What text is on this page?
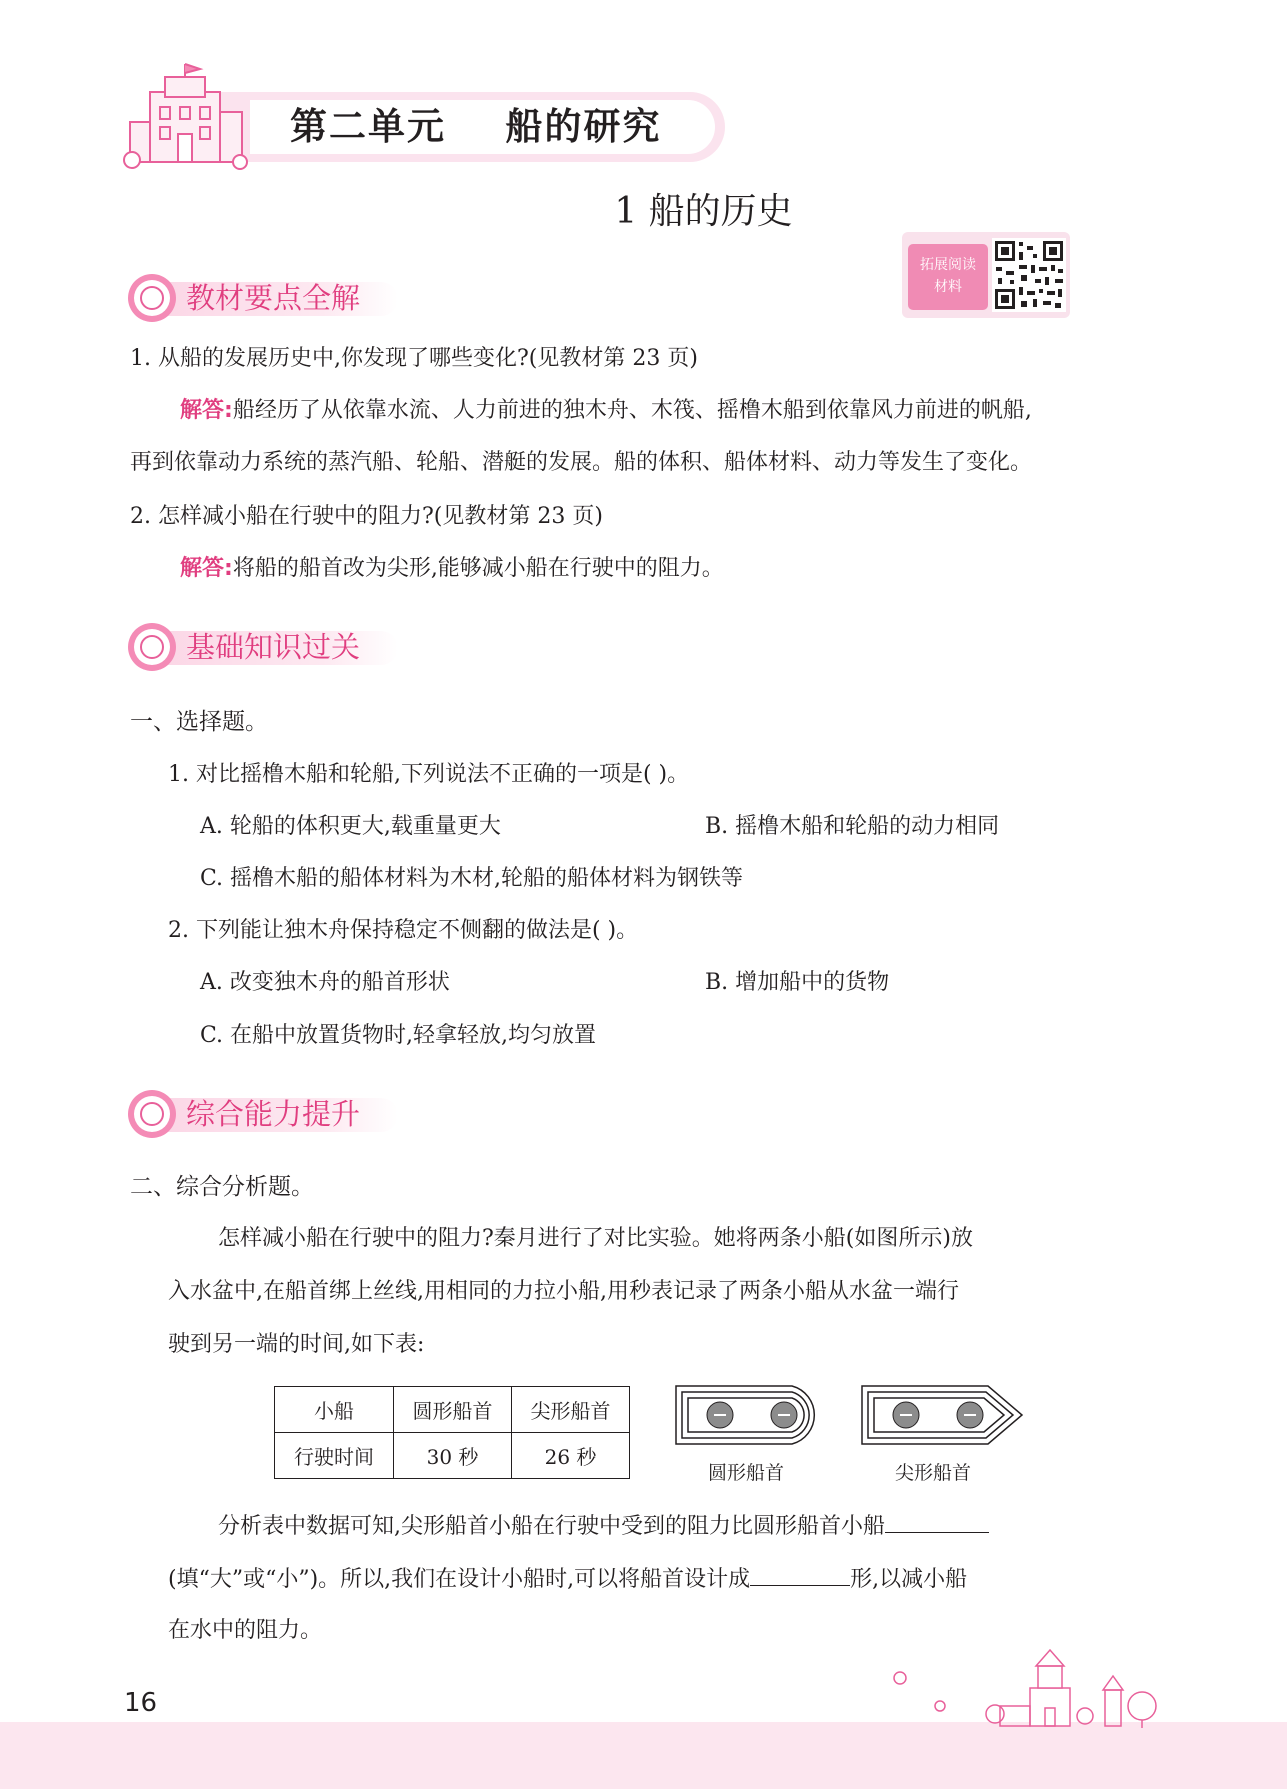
第二单元    船的研究
1 船的历史
拓展阅读
材料
教材要点全解
1. 从船的发展历史中,你发现了哪些变化?(见教材第 23 页)
解答:船经历了从依靠水流、人力前进的独木舟、木筏、摇橹木船到依靠风力前进的帆船,
再到依靠动力系统的蒸汽船、轮船、潜艇的发展。船的体积、船体材料、动力等发生了变化。
2. 怎样减小船在行驶中的阻力?(见教材第 23 页)
解答:将船的船首改为尖形,能够减小船在行驶中的阻力。
基础知识过关
一、选择题。
1. 对比摇橹木船和轮船,下列说法不正确的一项是( )。
A. 轮船的体积更大,载重量更大	B. 摇橹木船和轮船的动力相同
C. 摇橹木船的船体材料为木材,轮船的船体材料为钢铁等
2. 下列能让独木舟保持稳定不侧翻的做法是( )。
A. 改变独木舟的船首形状	B. 增加船中的货物
C. 在船中放置货物时,轻拿轻放,均匀放置
综合能力提升
二、综合分析题。
怎样减小船在行驶中的阻力?秦月进行了对比实验。她将两条小船(如图所示)放
入水盆中,在船首绑上丝线,用相同的力拉小船,用秒表记录了两条小船从水盆一端行
驶到另一端的时间,如下表:
小船	圆形船首	尖形船首
行驶时间	30 秒	26 秒
圆形船首	尖形船首
分析表中数据可知,尖形船首小船在行驶中受到的阻力比圆形船首小船
(填“大”或“小”)。所以,我们在设计小船时,可以将船首设计成	形,以减小船
在水中的阻力。
16
